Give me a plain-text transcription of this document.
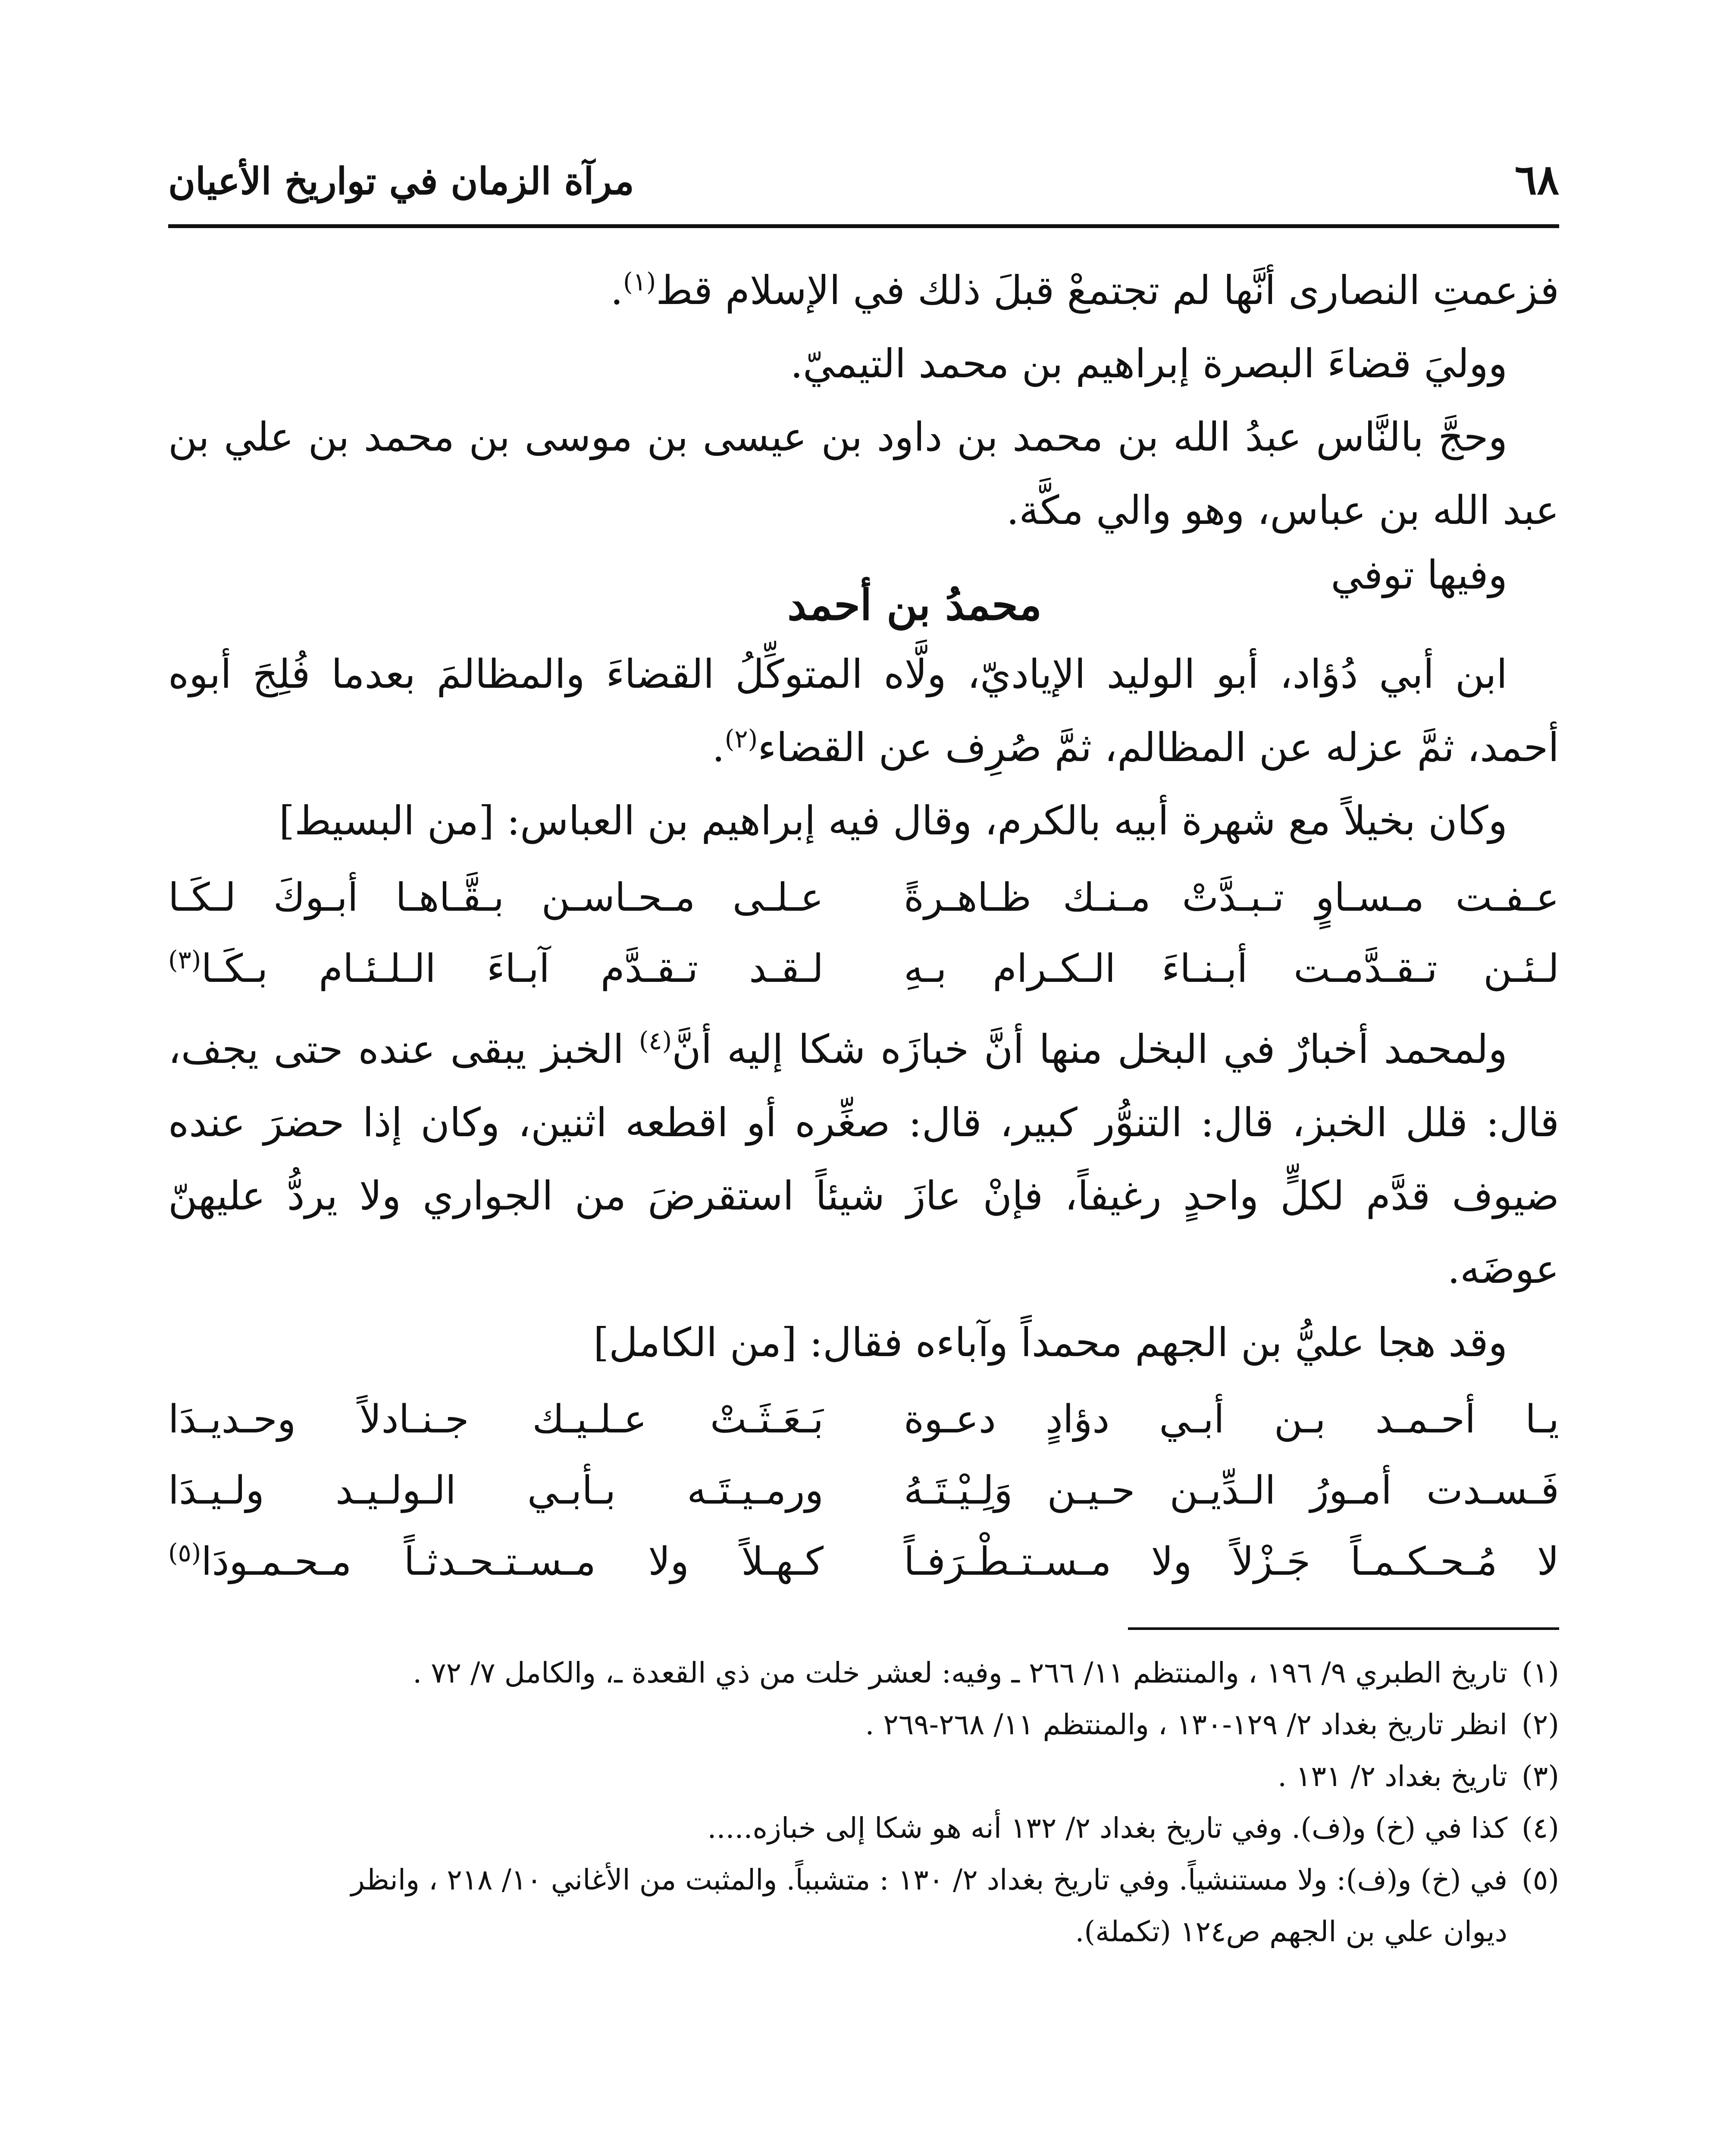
٦٨
مرآة الزمان في تواريخ الأعيان

فزعمتِ النصارى أنَّها لم تجتمعْ قبلَ ذلك في الإسلام قط$^{(١)}$.

ووليَ قضاءَ البصرة إبراهيم بن محمد التيميّ.

وحجَّ بالنَّاس عبدُ الله بن محمد بن داود بن عيسى بن موسى بن محمد بن علي بن عبد الله بن عباس، وهو والي مكَّة.

وفيها توفي
محمدُ بن أحمد

ابن أبي دُؤاد، أبو الوليد الإياديّ، ولَّاه المتوكِّلُ القضاءَ والمظالمَ بعدما فُلِجَ أبوه أحمد، ثمَّ عزله عن المظالم، ثمَّ صُرِف عن القضاء$^{(٢)}$.

وكان بخيلاً مع شهرة أبيه بالكرم، وقال فيه إبراهيم بن العباس: [من البسيط]

عـفـت مـسـاوٍ تـبـدَّتْ مـنـك ظـاهـرةً
عـلـى مـحـاسـن بـقَّـاهـا أبـوكَ لـكَـا
لـئـن تـقـدَّمـت أبـنـاءَ الـكـرام بـهِ
لـقـد تـقـدَّم آبـاءَ الـلـئـام بـكَـا$^{(٣)}$

ولمحمد أخبارٌ في البخل منها أنَّ خبازَه شكا إليه أنَّ$^{(٤)}$ الخبز يبقى عنده حتى يجف، قال: قلل الخبز، قال: التنوُّر كبير، قال: صغِّره أو اقطعه اثنين، وكان إذا حضرَ عنده ضيوف قدَّم لكلٍّ واحدٍ رغيفاً، فإنْ عازَ شيئاً استقرضَ من الجواري ولا يردُّ عليهنّ عوضَه.

وقد هجا عليُّ بن الجهم محمداً وآباءه فقال: [من الكامل]

يـا أحـمـد بـن أبـي دؤادٍ دعـوة
بَـعَـثَـتْ عـلـيـك جـنـادلاً وحـديـدَا
فَـسـدت أمـورُ الـدِّيـن حـيـن وَلِـيْـتَـهُ
ورمـيـتَـه بـأبـي الـولـيـد ولـيـدَا
لا مُـحـكـمـاً جَـزْلاً ولا مـسـتـطْـرَفـاً
كـهـلاً ولا مـسـتـحـدثـاً مـحـمـودَا$^{(٥)}$
(١)تاريخ الطبري ٩/ ١٩٦ ، والمنتظم ١١/ ٢٦٦ ـ وفيه: لعشر خلت من ذي القعدة ـ، والكامل ٧/ ٧٢ .
(٢)انظر تاريخ بغداد ٢/ ١٢٩-١٣٠ ، والمنتظم ١١/ ٢٦٨-٢٦٩ .
(٣)تاريخ بغداد ٢/ ١٣١ .
(٤)كذا في (خ) و(ف). وفي تاريخ بغداد ٢/ ١٣٢ أنه هو شكا إلى خبازه.....
(٥)في (خ) و(ف): ولا مستنشياً. وفي تاريخ بغداد ٢/ ١٣٠ : متشبباً. والمثبت من الأغاني ١٠/ ٢١٨ ، وانظر
ديوان علي بن الجهم ص١٢٤ (تكملة).
